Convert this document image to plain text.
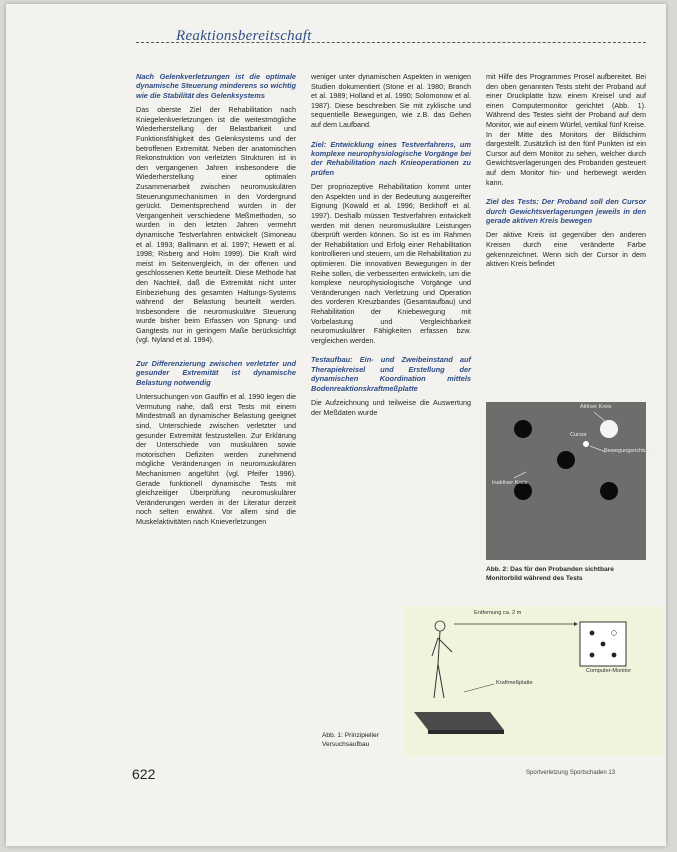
Reaktionsbereitschaft

Nach Gelenkverletzungen ist die optimale dynamische Steuerung minderens so wichtig wie die Stabilität des Gelenksystems

Das oberste Ziel der Rehabilitation nach Kniegelenkverletzungen ist die weitestmögliche Wiederherstellung der Belastbarkeit und Funktionsfähigkeit des Gelenksystems und der betroffenen Extremität. Neben der anatomischen Rekonstruktion von verletzten Strukturen ist in den vergangenen Jahren insbesondere die Wiederherstellung einer optimalen Zusammenarbeit zwischen neuromuskulären Steuerungsmechanismen in den Vordergrund gerückt. Dementsprechend wurden in der Vergangenheit verschiedene Meßmethoden, so wurden in den letzten Jahren vermehrt dynamische Testverfahren entwickelt (Simoneau et al. 1993; Ballmann et al. 1997; Hewett et al. 1998; Risberg and Holm 1999). Die Kraft wird meist im Seitenvergleich, in der offenen und geschlossenen Kette beurteilt. Diese Methode hat den Nachteil, daß die Extremität nicht unter Einbeziehung des gesamten Haltungs-Systems während der Belastung beurteilt werden. Insbesondere die neuromuskuläre Steuerung wurde bisher beim Erfassen von Sprung- und Gangtests nur in geringem Maße berücksichtigt (vgl. Nyland et al. 1994).

Zur Differenzierung zwischen verletzter und gesunder Extremität ist dynamische Belastung notwendig

Untersuchungen von Gauffin et al. 1990 legen die Vermutung nahe, daß erst Tests mit einem Mindestmaß an dynamischer Belastung geeignet sind, Unterschiede zwischen verletzter und gesunder Extremität festzustellen. Zur Erklärung der Unterschiede von muskulären sowie motorischen Defiziten werden zunehmend mögliche Veränderungen in neuromuskulären Mechanismen angeführt (vgl. Pfeifer 1996). Gerade funktionell dynamische Tests mit gleichzeitiger Überprüfung neuromuskulärer Veränderungen werden in der Literatur derzeit noch selten erwähnt. Vor allem sind die Muskelaktivitäten nach Knieverletzungen

weniger unter dynamischen Aspekten in wenigen Studien dokumentiert (Stone et al. 1980; Branch et al. 1989; Holland et al. 1990; Solomonow et al. 1987). Diese beschreiben Sie mit zyklische und sequentielle Bewegungen, wie z.B. das Gehen auf dem Laufband.

Ziel: Entwicklung eines Testverfahrens, um komplexe neurophysiologische Vorgänge bei der Rehabilitation nach Knieoperationen zu prüfen

Der propriozeptive Rehabilitation kommt unter den Aspekten und in der Bedeutung ausgereifter Eignung (Kowald et al. 1996; Beckhoff et al. 1997). Deshalb müssen Testverfahren entwickelt werden mit denen neuromuskuläre Leistungen überprüft werden können. So ist es im Rahmen der Rehabilitation und Erfolg einer Rehabilitation kontrollieren und steuern, um die Rehabilitation zu optimieren. Die innovativen Bewegungen in der Reihe sollen, die verbesserten entwickeln, um die komplexe neurophysiologische Vorgänge und Veränderungen nach Verletzung und Operation des vorderen Kreuzbandes (Gesamtaufbau) und Rehabilitation der Kniebewegung mit Vorbelastung und Vergleichbarkeit neuromuskulärer Fähigkeiten erfassen bzw. vergleichen werden.

Testaufbau: Ein- und Zweibeinstand auf Therapiekreisel und Erstellung der dynamischen Koordination mittels Bodenreaktionskraftmeßplatte

Die Aufzeichnung und teilweise die Auswertung der Meßdaten wurde

mit Hilfe des Programmes Prosel aufbereitet. Bei den oben genannten Tests steht der Proband auf einer Druckplatte bzw. einem Kreisel und auf einen Computermonitor gerichtet (Abb. 1). Während des Testes sieht der Proband auf dem Monitor, wie auf einem Würfel, vertikal fünf Kreise. In der Mitte des Monitors der Bildschirm dargestellt. Zusätzlich ist den fünf Punkten ist ein Cursor auf dem Monitor zu sehen, welcher durch Gewichtsverlagerungen des Probanden gesteuert auf dem Monitor hin- und herbewegt werden kann.

Ziel des Tests: Der Proband soll den Cursor durch Gewichtsverlagerungen jeweils in den gerade aktiven Kreis bewegen

Der aktive Kreis ist gegenüber den anderen Kreisen durch eine veränderte Farbe gekennzeichnet. Wenn sich der Cursor in dem aktiven Kreis befindet

Aktiver Kreis
Inaktiver Kreis
Cursor
Bewegungsrichtung
Abb. 2: Das für den Probanden sichtbare Monitorbild während des Tests
Entfernung ca. 2 m
Computer-Monitor
Kraftmeßplatte
Abb. 1: Prinzipieller Versuchsaufbau
622	Sportverletzung Sportschaden 13
